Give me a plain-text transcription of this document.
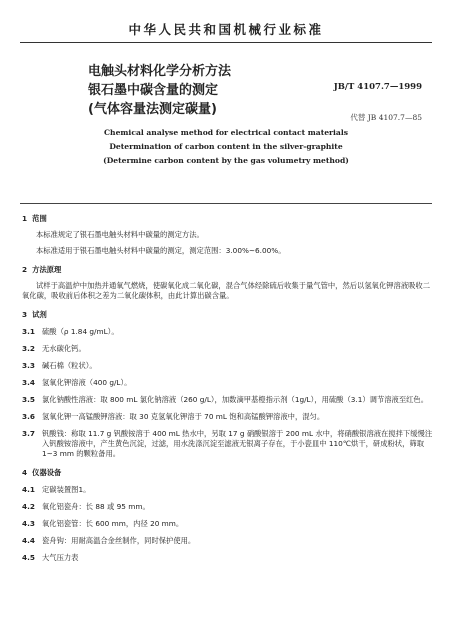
中华人民共和国机械行业标准
电触头材料化学分析方法
银石墨中碳含量的测定
(气体容量法测定碳量)
JB/T 4107.7—1999
代替 JB 4107.7—85
Chemical analyse method for electrical contact materials
Determination of carbon content in the silver-graphite
(Determine carbon content by the gas volumetry method)
1 范围
本标准规定了银石墨电触头材料中碳量的测定方法。
本标准适用于银石墨电触头材料中碳量的测定，测定范围：3.00%~6.00%。
2 方法原理
试样于高温炉中加热并通氧气燃烧，使碳氧化成二氧化碳，混合气体经除硫后收集于量气管中，然后以氢氧化钾溶液吸收二氧化碳，吸收前后体积之差为二氧化碳体积，由此计算出碳含量。
3 试剂
3.1 硫酸（ρ 1.84 g/mL）。
3.2 无水碳化钙。
3.3 碱石棉（粒状）。
3.4 氢氧化钾溶液（400 g/L）。
3.5 氯化钠酸性溶液：取 800 mL 氯化钠溶液（260 g/L），加数滴甲基橙指示剂（1g/L），用硫酸（3.1）调节溶液至红色。
3.6 氢氧化钾一高锰酸钾溶液：取 30 克氢氧化钾溶于 70 mL 饱和高锰酸钾溶液中，混匀。
3.7 钒酸钱：称取 11.7 g 钒酸铵溶于 400 mL 热水中，另取 17 g 硝酸银溶于 200 mL 水中，将硝酸银溶液在搅拌下缓慢注入钒酸铵溶液中，产生黄色沉淀，过滤，用水洗涤沉淀至滤液无银离子存在，于小瓷皿中 110℃烘干，研成粉状，筛取 1~3 mm 的颗粒备用。
4 仪器设备
4.1 定碳装置图1。
4.2 氧化铝瓷舟：长 88 或 95 mm。
4.3 氧化铝瓷管：长 600 mm，内径 20 mm。
4.4 瓷舟钩：用耐高温合金丝制作，同时保护使用。
4.5 大气压力表
